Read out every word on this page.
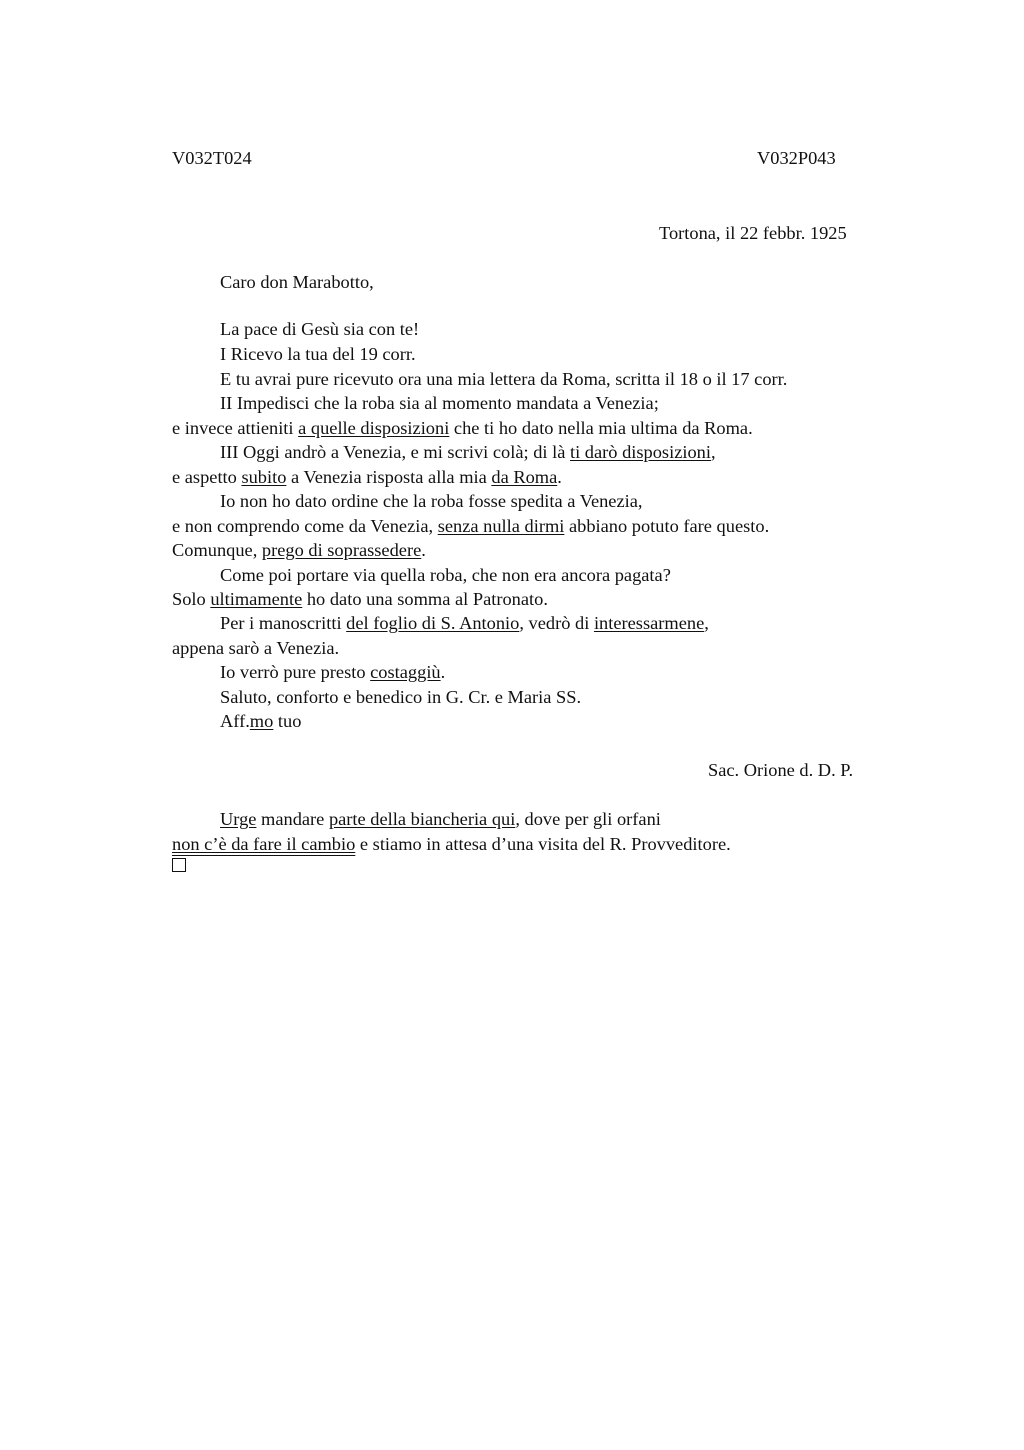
V032T024	V032P043
Tortona, il 22 febbr. 1925
Caro don Marabotto,
La pace di Gesù sia con te!
I Ricevo la tua del 19 corr.
E tu avrai pure ricevuto ora una mia lettera da Roma, scritta il 18 o il 17 corr.
II Impedisci che la roba sia al momento mandata a Venezia;
e invece attieniti a quelle disposizioni che ti ho dato nella mia ultima da Roma.
III Oggi andrò a Venezia, e mi scrivi colà; di là ti darò disposizioni,
e aspetto subito a Venezia risposta alla mia da Roma.
Io non ho dato ordine che la roba fosse spedita a Venezia,
e non comprendo come da Venezia, senza nulla dirmi abbiano potuto fare questo.
Comunque, prego di soprassedere.
Come poi portare via quella roba, che non era ancora pagata?
Solo ultimamente ho dato una somma al Patronato.
Per i manoscritti del foglio di S. Antonio, vedrò di interessarmene,
appena sarò a Venezia.
Io verrò pure presto costaggiù.
Saluto, conforto e benedico in G. Cr. e Maria SS.
Aff.mo tuo
Sac. Orione d. D. P.
Urge mandare parte della biancheria qui, dove per gli orfani
non c’è da fare il cambio e stiamo in attesa d’una visita del R. Provveditore.
